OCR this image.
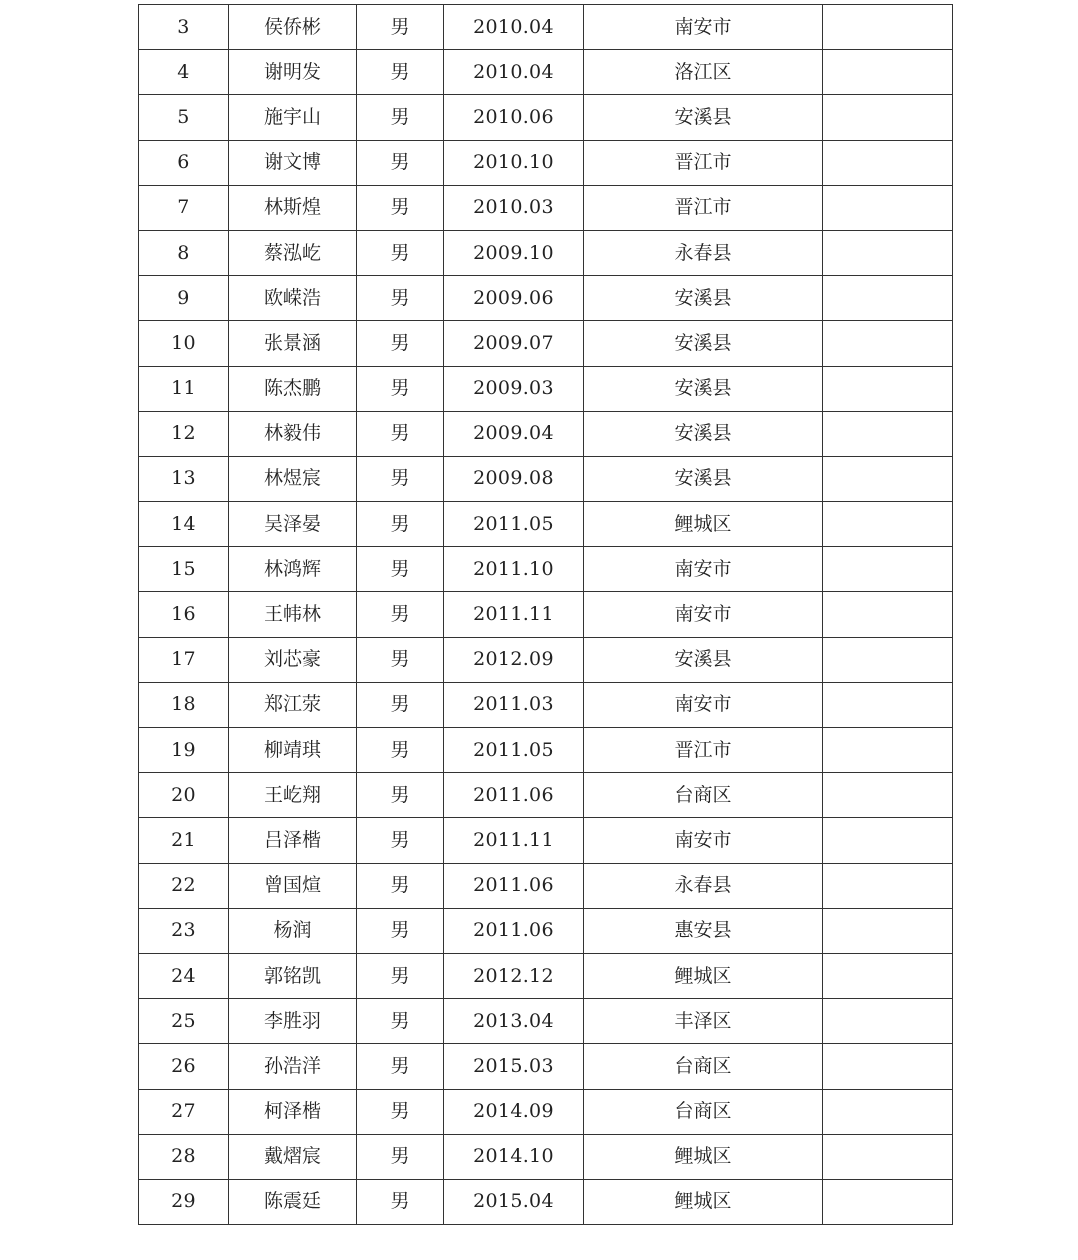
3	侯侨彬	男	2010.04	南安市	
4	谢明发	男	2010.04	洛江区	
5	施宇山	男	2010.06	安溪县	
6	谢文博	男	2010.10	晋江市	
7	林斯煌	男	2010.03	晋江市	
8	蔡泓屹	男	2009.10	永春县	
9	欧嵘浩	男	2009.06	安溪县	
10	张景涵	男	2009.07	安溪县	
11	陈杰鹏	男	2009.03	安溪县	
12	林毅伟	男	2009.04	安溪县	
13	林煜宸	男	2009.08	安溪县	
14	吴泽晏	男	2011.05	鲤城区	
15	林鸿辉	男	2011.10	南安市	
16	王帏林	男	2011.11	南安市	
17	刘芯豪	男	2012.09	安溪县	
18	郑江荥	男	2011.03	南安市	
19	柳靖琪	男	2011.05	晋江市	
20	王屹翔	男	2011.06	台商区	
21	吕泽楷	男	2011.11	南安市	
22	曾国煊	男	2011.06	永春县	
23	杨润	男	2011.06	惠安县	
24	郭铭凯	男	2012.12	鲤城区	
25	李胜羽	男	2013.04	丰泽区	
26	孙浩洋	男	2015.03	台商区	
27	柯泽楷	男	2014.09	台商区	
28	戴熠宸	男	2014.10	鲤城区	
29	陈震廷	男	2015.04	鲤城区	
